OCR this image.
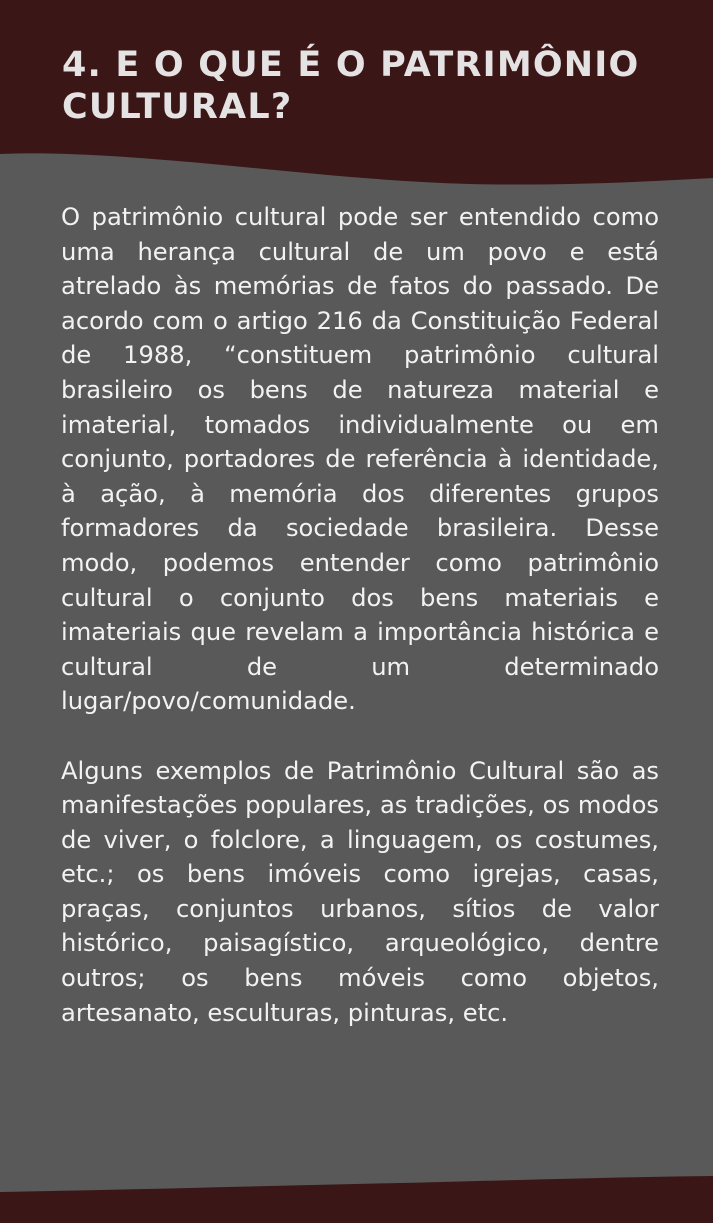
4. E O QUE É O PATRIMÔNIO CULTURAL?

O patrimônio cultural pode ser entendido como uma herança cultural de um povo e está atrelado às memórias de fatos do passado. De acordo com o artigo 216 da Constituição Federal de 1988, “constituem patrimônio cultural brasileiro os bens de natureza material e imaterial, tomados individualmente ou em conjunto, portadores de referência à identidade, à ação, à memória dos diferentes grupos formadores da sociedade brasileira. Desse modo, podemos entender como patrimônio cultural o conjunto dos bens materiais e imateriais que revelam a importância histórica e cultural de um determinado lugar/povo/comunidade.

Alguns exemplos de Patrimônio Cultural são as manifestações populares, as tradições, os modos de viver, o folclore, a linguagem, os costumes, etc.; os bens imóveis como igrejas, casas, praças, conjuntos urbanos, sítios de valor histórico, paisagístico, arqueológico, dentre outros; os bens móveis como objetos, artesanato, esculturas, pinturas, etc.
